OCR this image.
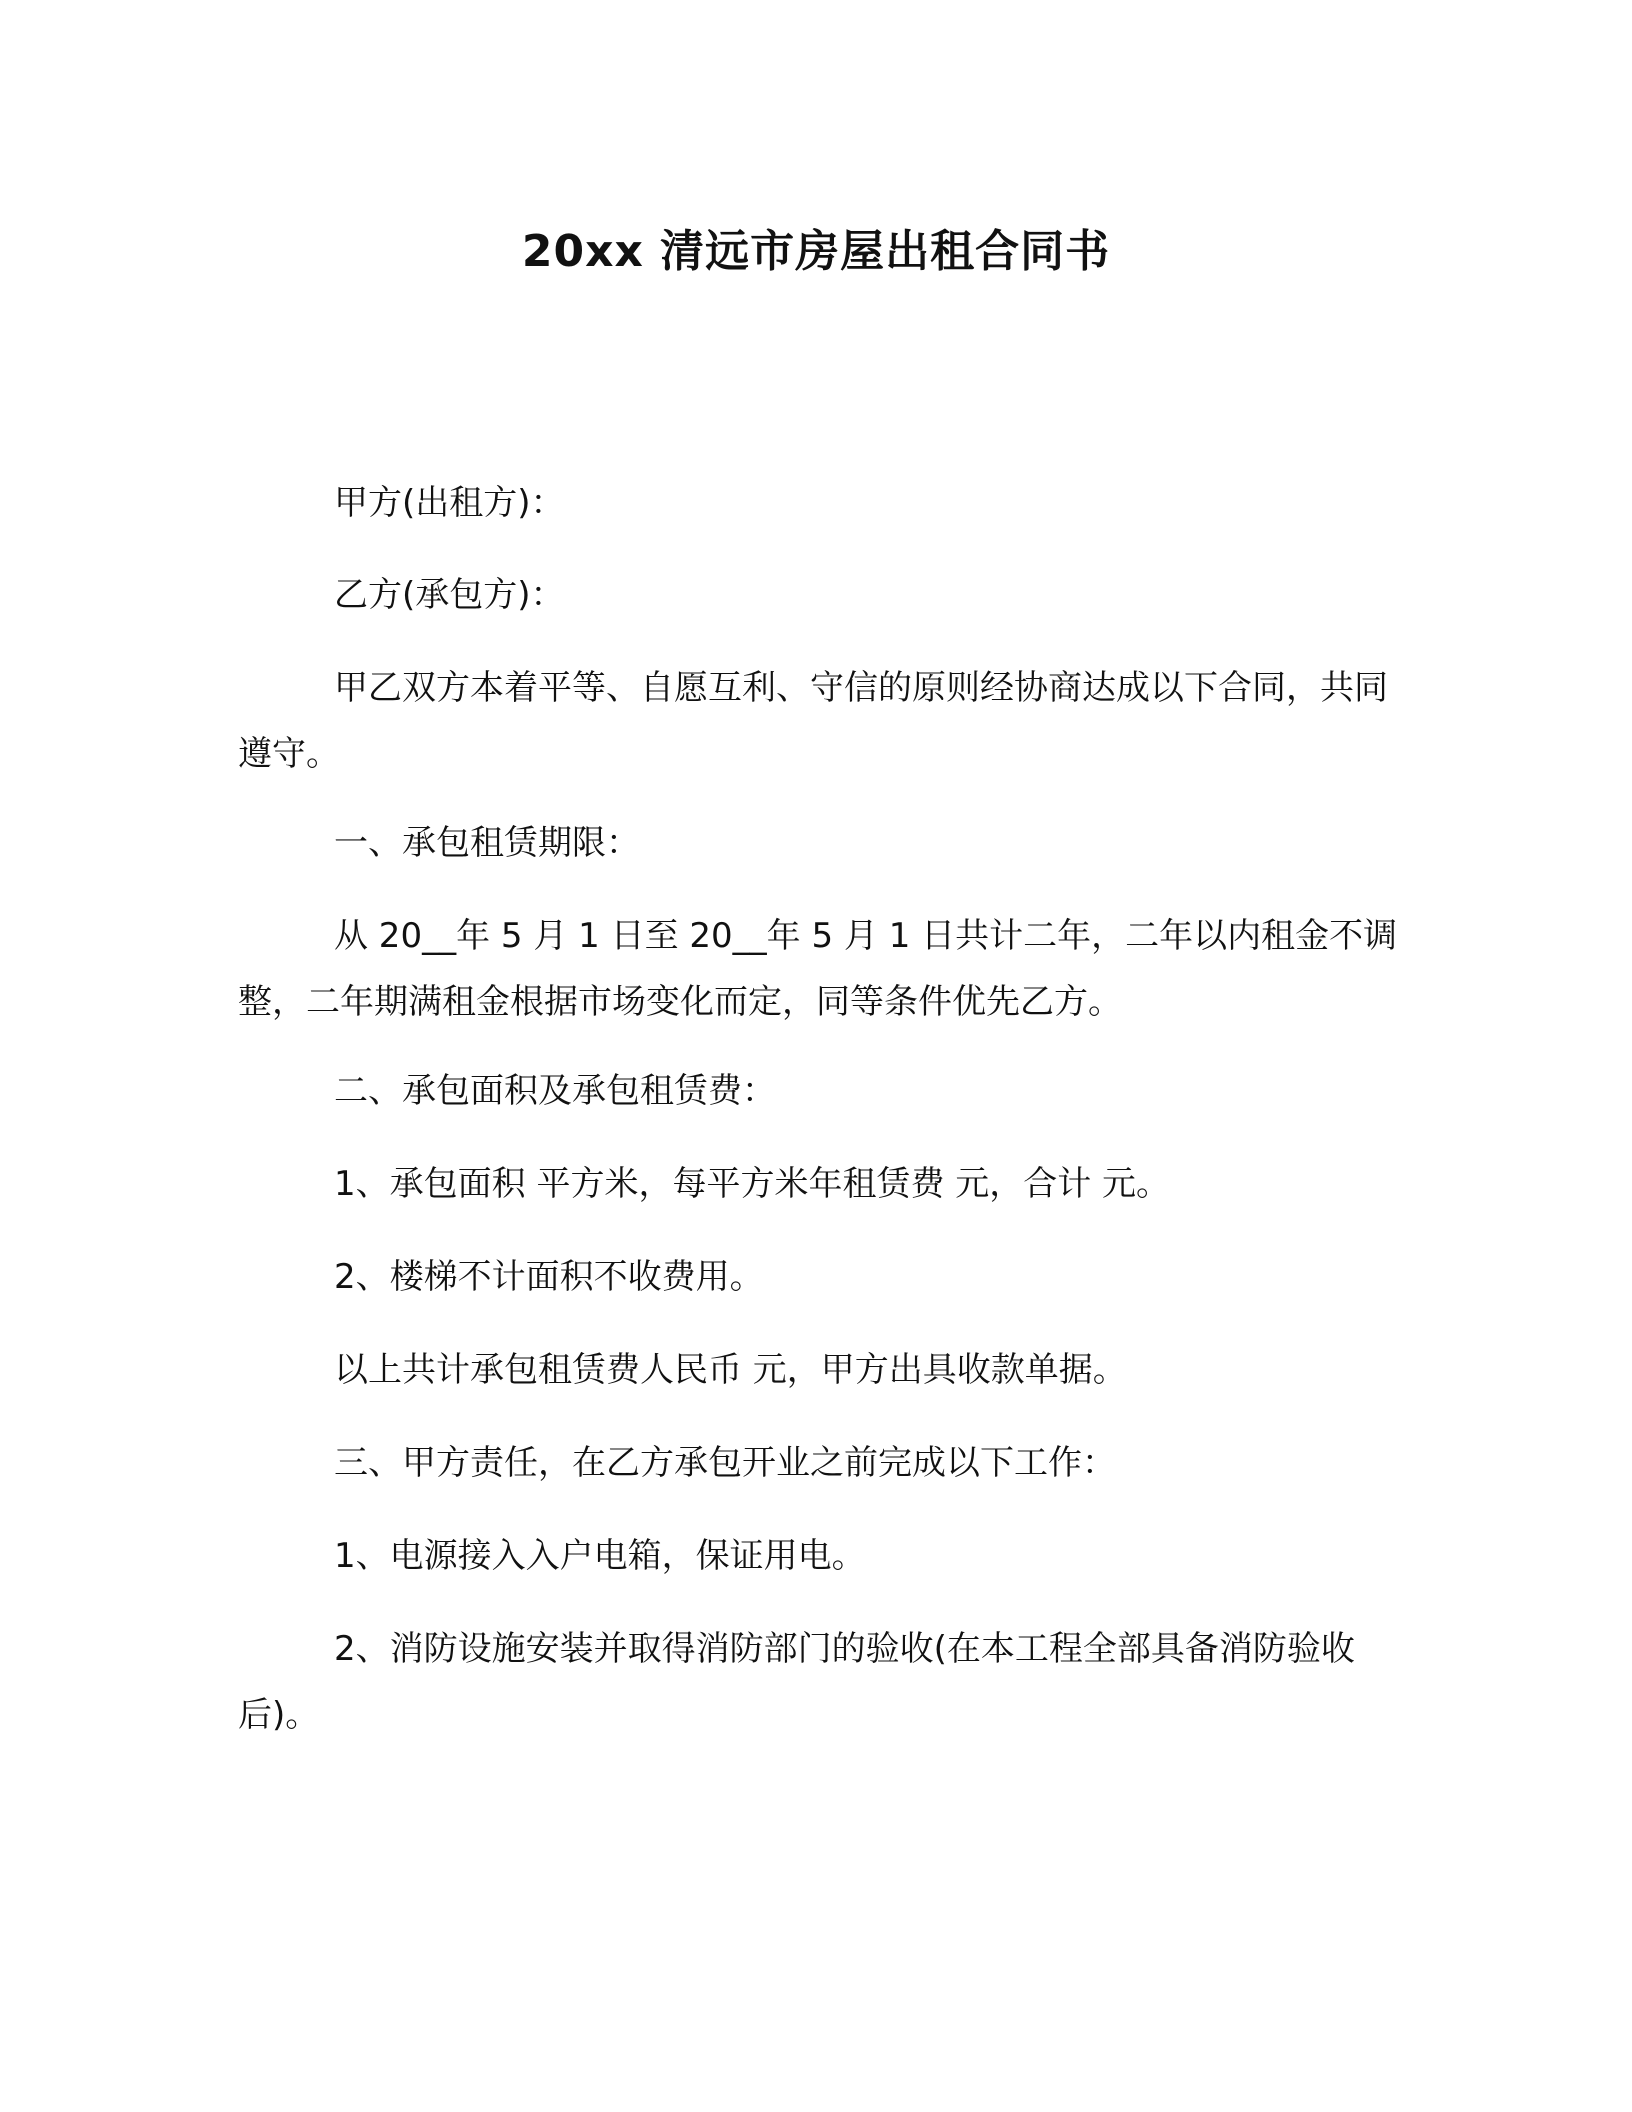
20xx 清远市房屋出租合同书

甲方(出租方)：

乙方(承包方)：

甲乙双方本着平等、自愿互利、守信的原则经协商达成以下合同，共同遵守。

一、承包租赁期限：

从 20__年 5 月 1 日至 20__年 5 月 1 日共计二年，二年以内租金不调整，二年期满租金根据市场变化而定，同等条件优先乙方。

二、承包面积及承包租赁费：

1、承包面积 平方米，每平方米年租赁费 元，合计 元。

2、楼梯不计面积不收费用。

以上共计承包租赁费人民币 元，甲方出具收款单据。

三、甲方责任，在乙方承包开业之前完成以下工作：

1、电源接入入户电箱，保证用电。

2、消防设施安装并取得消防部门的验收(在本工程全部具备消防验收后)。
